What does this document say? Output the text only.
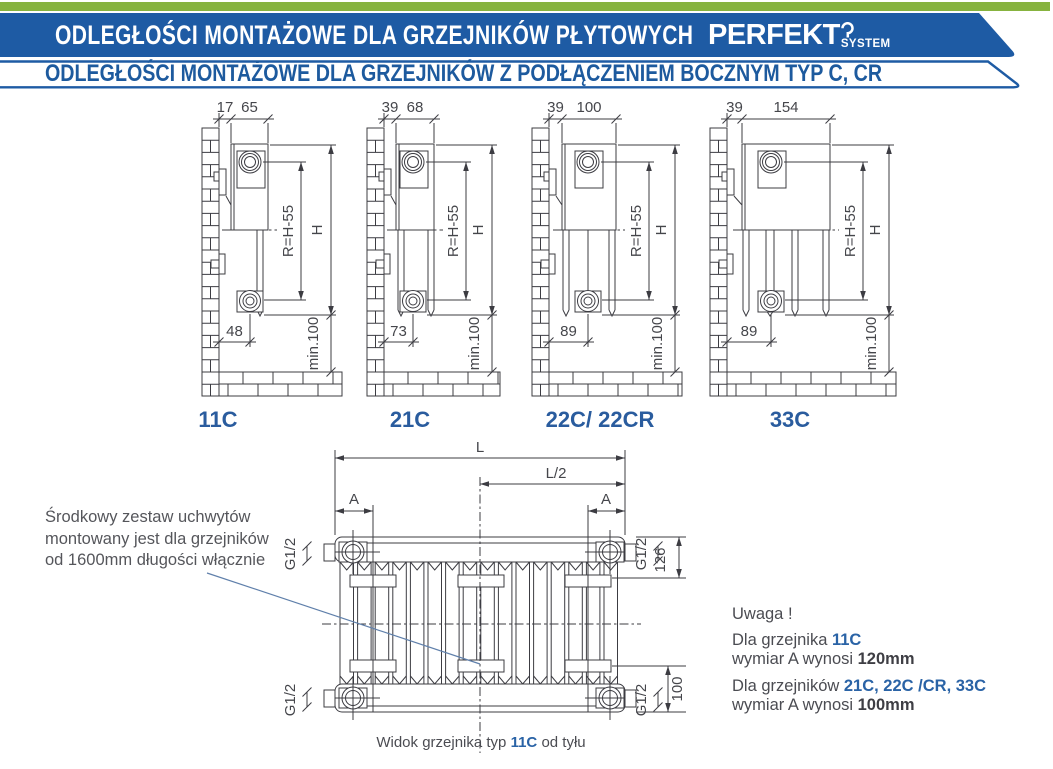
17 65
R=H-55 H
48	min.100
11C
39 68
R=H-55 H
73	min.100
21C
39 100
R=H-55 H
89	min.100
22C/ 22CR
39 154
R=H-55 H
89	min.100
33C
L
L/2
A	A
126
100
G1/2	G1/2
G1/2	G1/2
ODLEGŁOŚCI MONTAŻOWE DLA GRZEJNIKÓW PŁYTOWYCH PERFEKT SYSTEM
ODLEGŁOŚCI MONTAŻOWE DLA GRZEJNIKÓW Z PODŁĄCZENIEM BOCZNYM TYP C, CR
Środkowy zestaw uchwytów
montowany jest dla grzejników
od 1600mm długości włącznie
Uwaga !
Dla grzejnika 11C
wymiar A wynosi 120mm
Dla grzejników 21C, 22C /CR, 33C
wymiar A wynosi 100mm
Widok grzejnika typ 11C od tyłu
